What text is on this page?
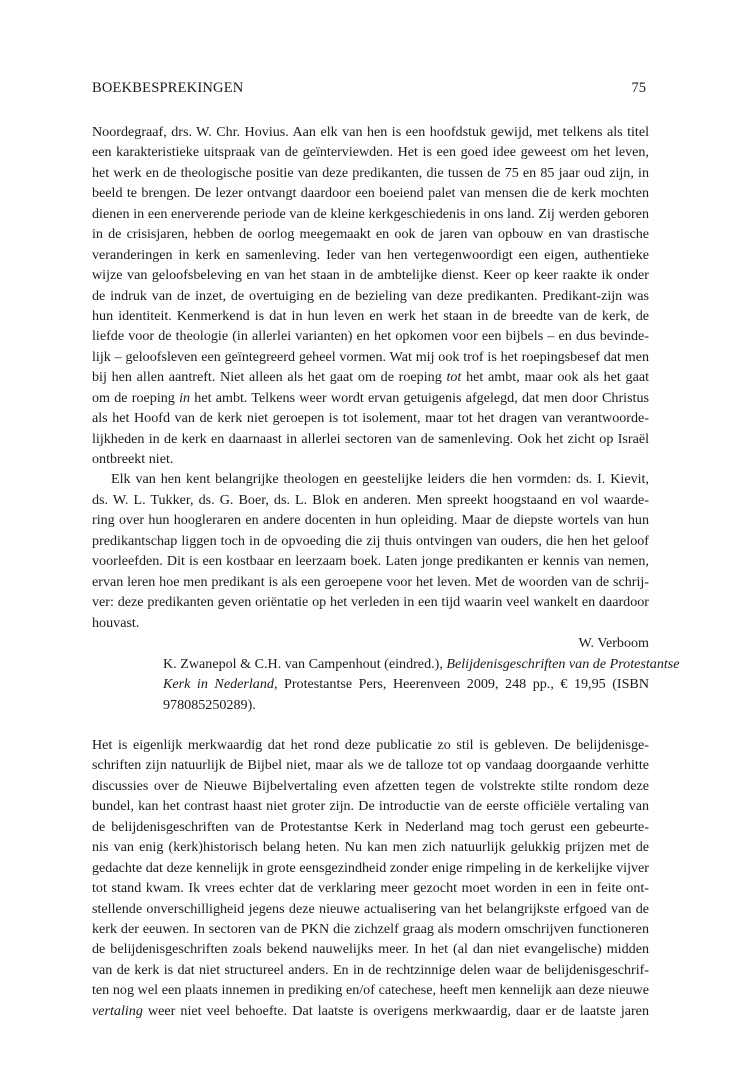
BOEKBESPREKINGEN	75
Noordegraaf, drs. W. Chr. Hovius. Aan elk van hen is een hoofdstuk gewijd, met telkens als titel
een karakteristieke uitspraak van de geïnterviewden. Het is een goed idee geweest om het leven,
het werk en de theologische positie van deze predikanten, die tussen de 75 en 85 jaar oud zijn, in
beeld te brengen. De lezer ontvangt daardoor een boeiend palet van mensen die de kerk mochten
dienen in een enerverende periode van de kleine kerkgeschiedenis in ons land. Zij werden geboren
in de crisisjaren, hebben de oorlog meegemaakt en ook de jaren van opbouw en van drastische
veranderingen in kerk en samenleving. Ieder van hen vertegenwoordigt een eigen, authentieke
wijze van geloofsbeleving en van het staan in de ambtelijke dienst. Keer op keer raakte ik onder
de indruk van de inzet, de overtuiging en de bezieling van deze predikanten. Predikant-zijn was
hun identiteit. Kenmerkend is dat in hun leven en werk het staan in de breedte van de kerk, de
liefde voor de theologie (in allerlei varianten) en het opkomen voor een bijbels – en dus bevinde-
lijk – geloofsleven een geïntegreerd geheel vormen. Wat mij ook trof is het roepingsbesef dat men
bij hen allen aantreft. Niet alleen als het gaat om de roeping tot het ambt, maar ook als het gaat
om de roeping in het ambt. Telkens weer wordt ervan getuigenis afgelegd, dat men door Christus
als het Hoofd van de kerk niet geroepen is tot isolement, maar tot het dragen van verantwoorde-
lijkheden in de kerk en daarnaast in allerlei sectoren van de samenleving. Ook het zicht op Israël
ontbreekt niet.
Elk van hen kent belangrijke theologen en geestelijke leiders die hen vormden: ds. I. Kievit,
ds. W. L. Tukker, ds. G. Boer, ds. L. Blok en anderen. Men spreekt hoogstaand en vol waarde-
ring over hun hoogleraren en andere docenten in hun opleiding. Maar de diepste wortels van hun
predikantschap liggen toch in de opvoeding die zij thuis ontvingen van ouders, die hen het geloof
voorleefden. Dit is een kostbaar en leerzaam boek. Laten jonge predikanten er kennis van nemen,
ervan leren hoe men predikant is als een geroepene voor het leven. Met de woorden van de schrij-
ver: deze predikanten geven oriëntatie op het verleden in een tijd waarin veel wankelt en daardoor
houvast.
W. Verboom
K. Zwanepol & C.H. van Campenhout (eindred.), Belijdenisgeschriften van de Protestantse
Kerk in Nederland, Protestantse Pers, Heerenveen 2009, 248 pp., € 19,95 (ISBN
978085250289).
Het is eigenlijk merkwaardig dat het rond deze publicatie zo stil is gebleven. De belijdenisge-
schriften zijn natuurlijk de Bijbel niet, maar als we de talloze tot op vandaag doorgaande verhitte
discussies over de Nieuwe Bijbelvertaling even afzetten tegen de volstrekte stilte rondom deze
bundel, kan het contrast haast niet groter zijn. De introductie van de eerste officiële vertaling van
de belijdenisgeschriften van de Protestantse Kerk in Nederland mag toch gerust een gebeurte-
nis van enig (kerk)historisch belang heten. Nu kan men zich natuurlijk gelukkig prijzen met de
gedachte dat deze kennelijk in grote eensgezindheid zonder enige rimpeling in de kerkelijke vijver
tot stand kwam. Ik vrees echter dat de verklaring meer gezocht moet worden in een in feite ont-
stellende onverschilligheid jegens deze nieuwe actualisering van het belangrijkste erfgoed van de
kerk der eeuwen. In sectoren van de PKN die zichzelf graag als modern omschrijven functioneren
de belijdenisgeschriften zoals bekend nauwelijks meer. In het (al dan niet evangelische) midden
van de kerk is dat niet structureel anders. En in de rechtzinnige delen waar de belijdenisgeschrif-
ten nog wel een plaats innemen in prediking en/of catechese, heeft men kennelijk aan deze nieuwe
vertaling weer niet veel behoefte. Dat laatste is overigens merkwaardig, daar er de laatste jaren
